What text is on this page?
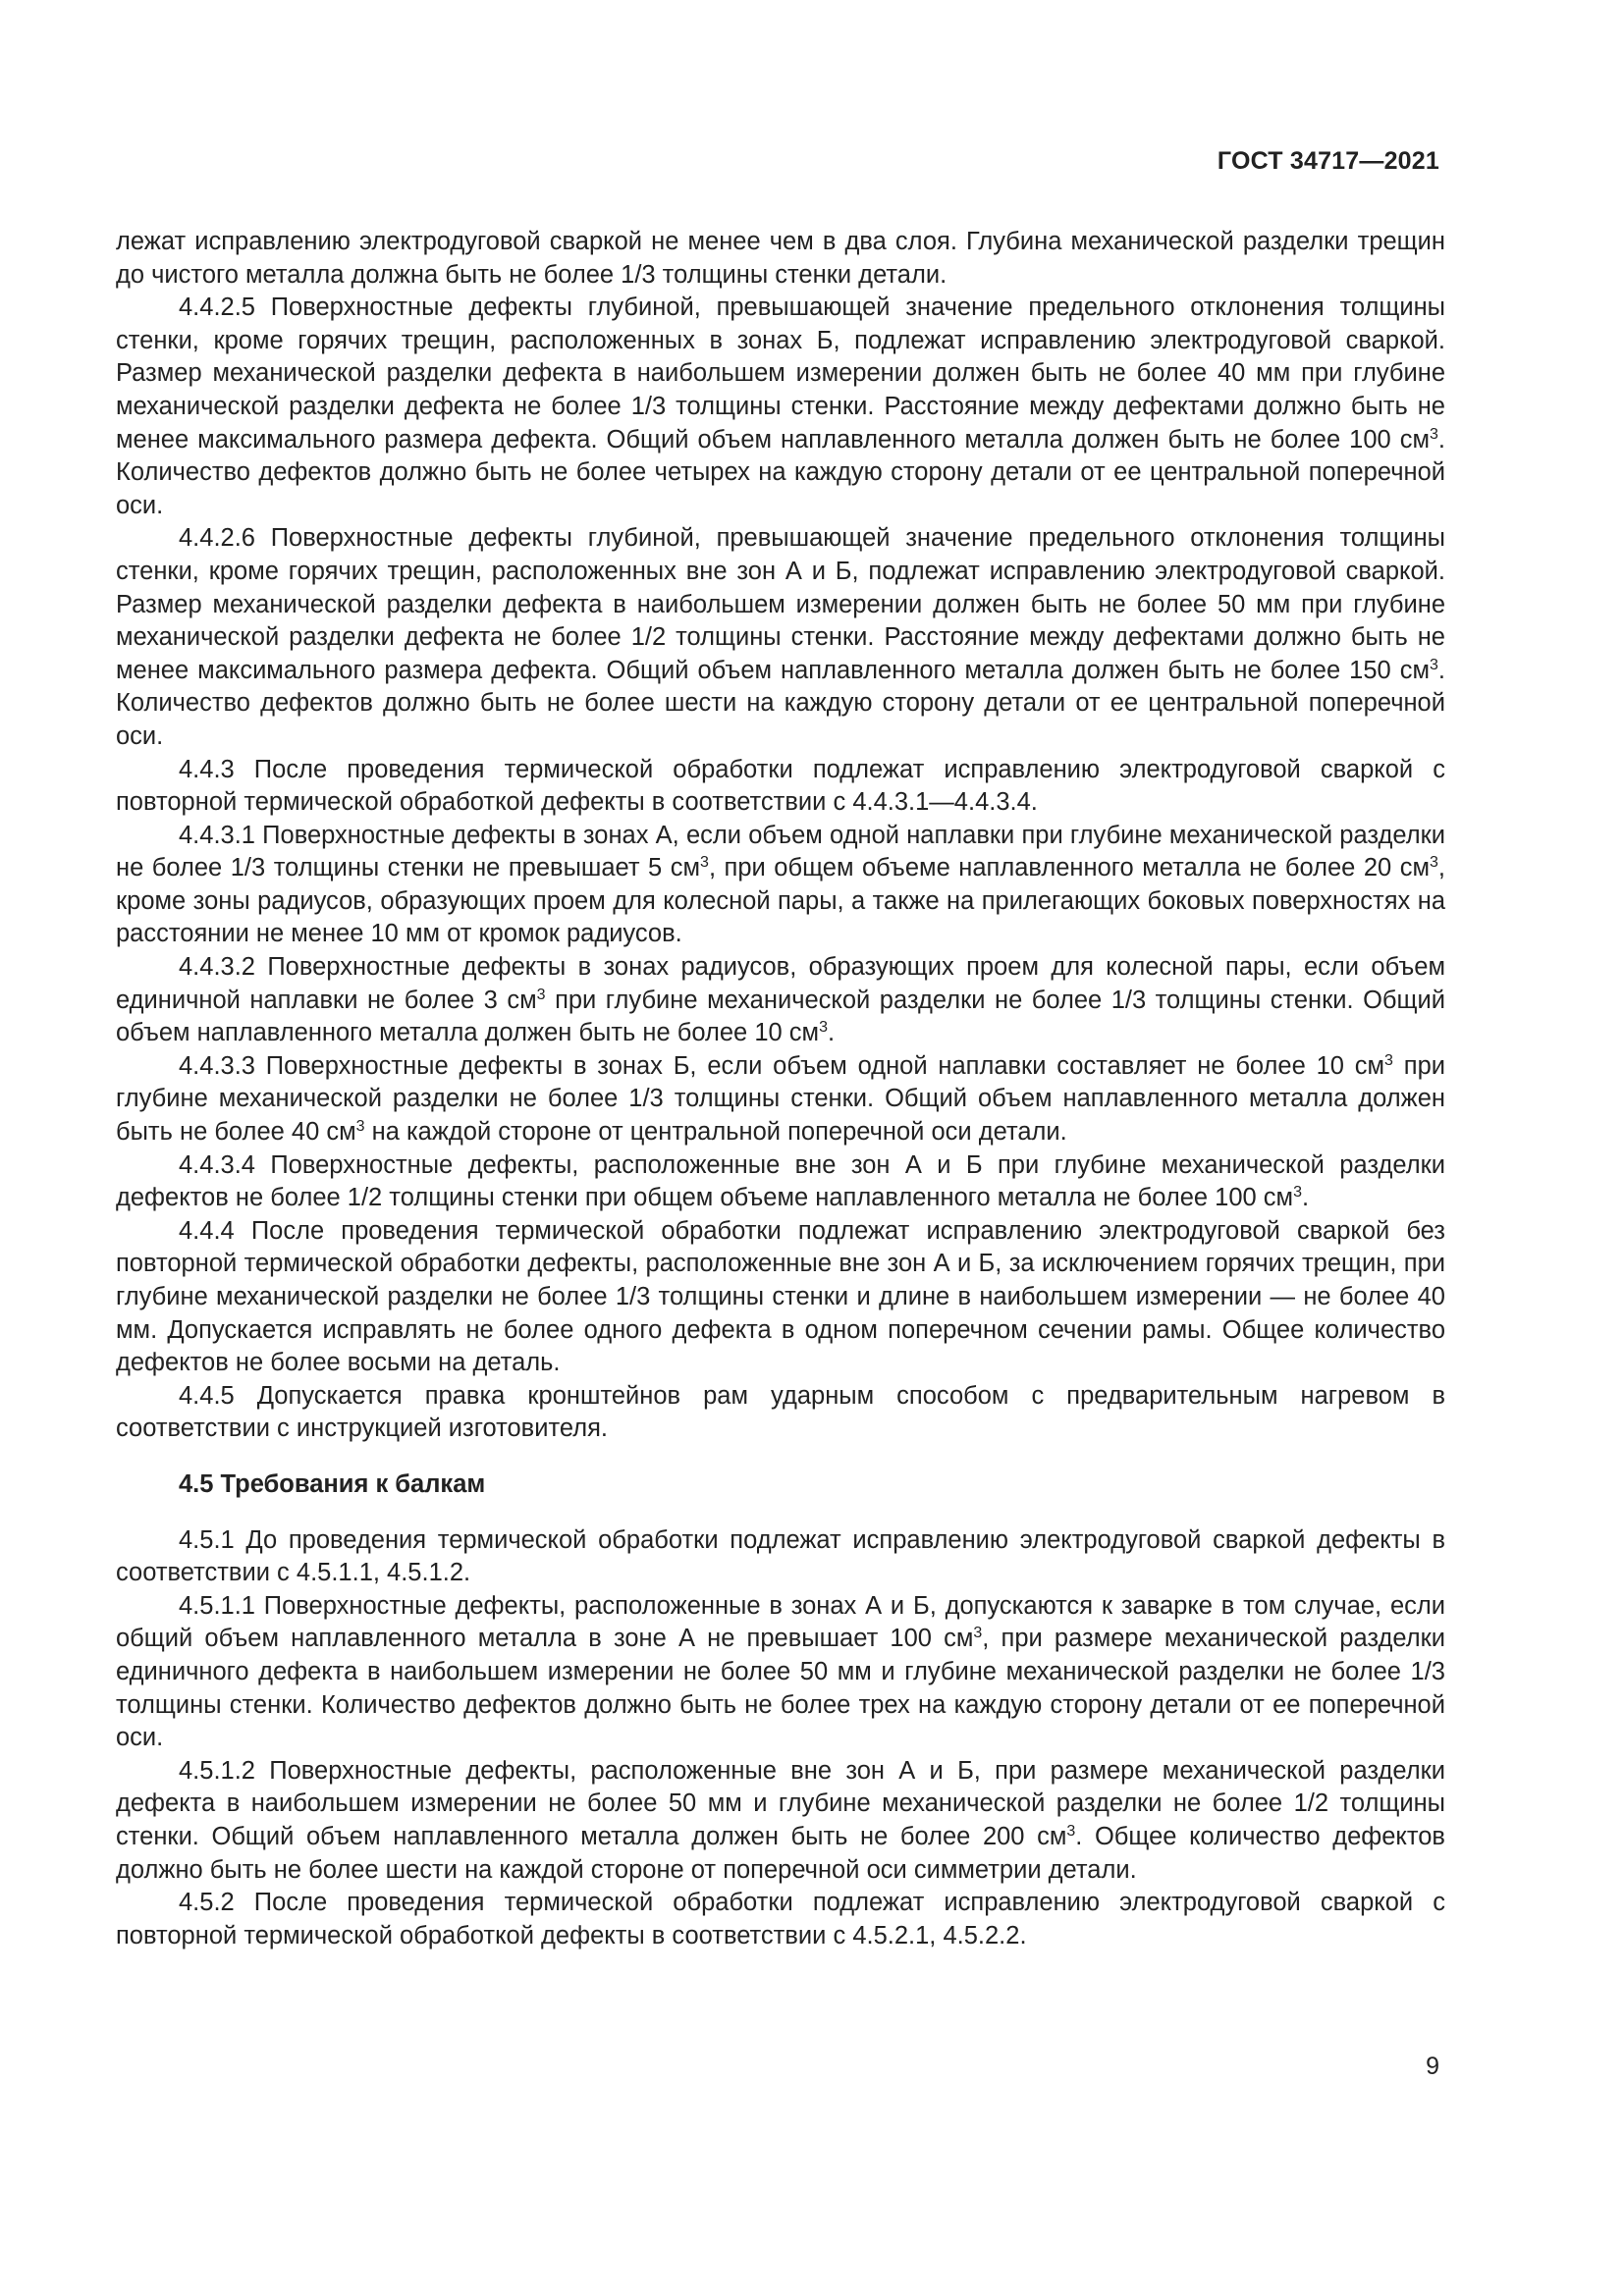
ГОСТ 34717—2021

лежат исправлению электродуговой сваркой не менее чем в два слоя. Глубина механической разделки трещин до чистого металла должна быть не более 1/3 толщины стенки детали.

4.4.2.5 Поверхностные дефекты глубиной, превышающей значение предельного отклонения толщины стенки, кроме горячих трещин, расположенных в зонах Б, подлежат исправлению электродуговой сваркой. Размер механической разделки дефекта в наибольшем измерении должен быть не более 40 мм при глубине механической разделки дефекта не более 1/3 толщины стенки. Расстояние между дефектами должно быть не менее максимального размера дефекта. Общий объем наплавленного металла должен быть не более 100 $см^3$. Количество дефектов должно быть не более четырех на каждую сторону детали от ее центральной поперечной оси.

4.4.2.6 Поверхностные дефекты глубиной, превышающей значение предельного отклонения толщины стенки, кроме горячих трещин, расположенных вне зон А и Б, подлежат исправлению электродуговой сваркой. Размер механической разделки дефекта в наибольшем измерении должен быть не более 50 мм при глубине механической разделки дефекта не более 1/2 толщины стенки. Расстояние между дефектами должно быть не менее максимального размера дефекта. Общий объем наплавленного металла должен быть не более 150 $см^3$. Количество дефектов должно быть не более шести на каждую сторону детали от ее центральной поперечной оси.

4.4.3 После проведения термической обработки подлежат исправлению электродуговой сваркой с повторной термической обработкой дефекты в соответствии с 4.4.3.1—4.4.3.4.

4.4.3.1 Поверхностные дефекты в зонах А, если объем одной наплавки при глубине механической разделки не более 1/3 толщины стенки не превышает 5 $см^3$, при общем объеме наплавленного металла не более 20 $см^3$, кроме зоны радиусов, образующих проем для колесной пары, а также на прилегающих боковых поверхностях на расстоянии не менее 10 мм от кромок радиусов.

4.4.3.2 Поверхностные дефекты в зонах радиусов, образующих проем для колесной пары, если объем единичной наплавки не более 3 $см^3$ при глубине механической разделки не более 1/3 толщины стенки. Общий объем наплавленного металла должен быть не более 10 $см^3$.

4.4.3.3 Поверхностные дефекты в зонах Б, если объем одной наплавки составляет не более 10 $см^3$ при глубине механической разделки не более 1/3 толщины стенки. Общий объем наплавленного металла должен быть не более 40 $см^3$ на каждой стороне от центральной поперечной оси детали.

4.4.3.4 Поверхностные дефекты, расположенные вне зон А и Б при глубине механической разделки дефектов не более 1/2 толщины стенки при общем объеме наплавленного металла не более 100 $см^3$.

4.4.4 После проведения термической обработки подлежат исправлению электродуговой сваркой без повторной термической обработки дефекты, расположенные вне зон А и Б, за исключением горячих трещин, при глубине механической разделки не более 1/3 толщины стенки и длине в наибольшем измерении — не более 40 мм. Допускается исправлять не более одного дефекта в одном поперечном сечении рамы. Общее количество дефектов не более восьми на деталь.

4.4.5 Допускается правка кронштейнов рам ударным способом с предварительным нагревом в соответствии с инструкцией изготовителя.

4.5 Требования к балкам

4.5.1 До проведения термической обработки подлежат исправлению электродуговой сваркой дефекты в соответствии с 4.5.1.1, 4.5.1.2.

4.5.1.1 Поверхностные дефекты, расположенные в зонах А и Б, допускаются к заварке в том случае, если общий объем наплавленного металла в зоне А не превышает 100 $см^3$, при размере механической разделки единичного дефекта в наибольшем измерении не более 50 мм и глубине механической разделки не более 1/3 толщины стенки. Количество дефектов должно быть не более трех на каждую сторону детали от ее поперечной оси.

4.5.1.2 Поверхностные дефекты, расположенные вне зон А и Б, при размере механической разделки дефекта в наибольшем измерении не более 50 мм и глубине механической разделки не более 1/2 толщины стенки. Общий объем наплавленного металла должен быть не более 200 $см^3$. Общее количество дефектов должно быть не более шести на каждой стороне от поперечной оси симметрии детали.

4.5.2 После проведения термической обработки подлежат исправлению электродуговой сваркой с повторной термической обработкой дефекты в соответствии с 4.5.2.1, 4.5.2.2.

9
